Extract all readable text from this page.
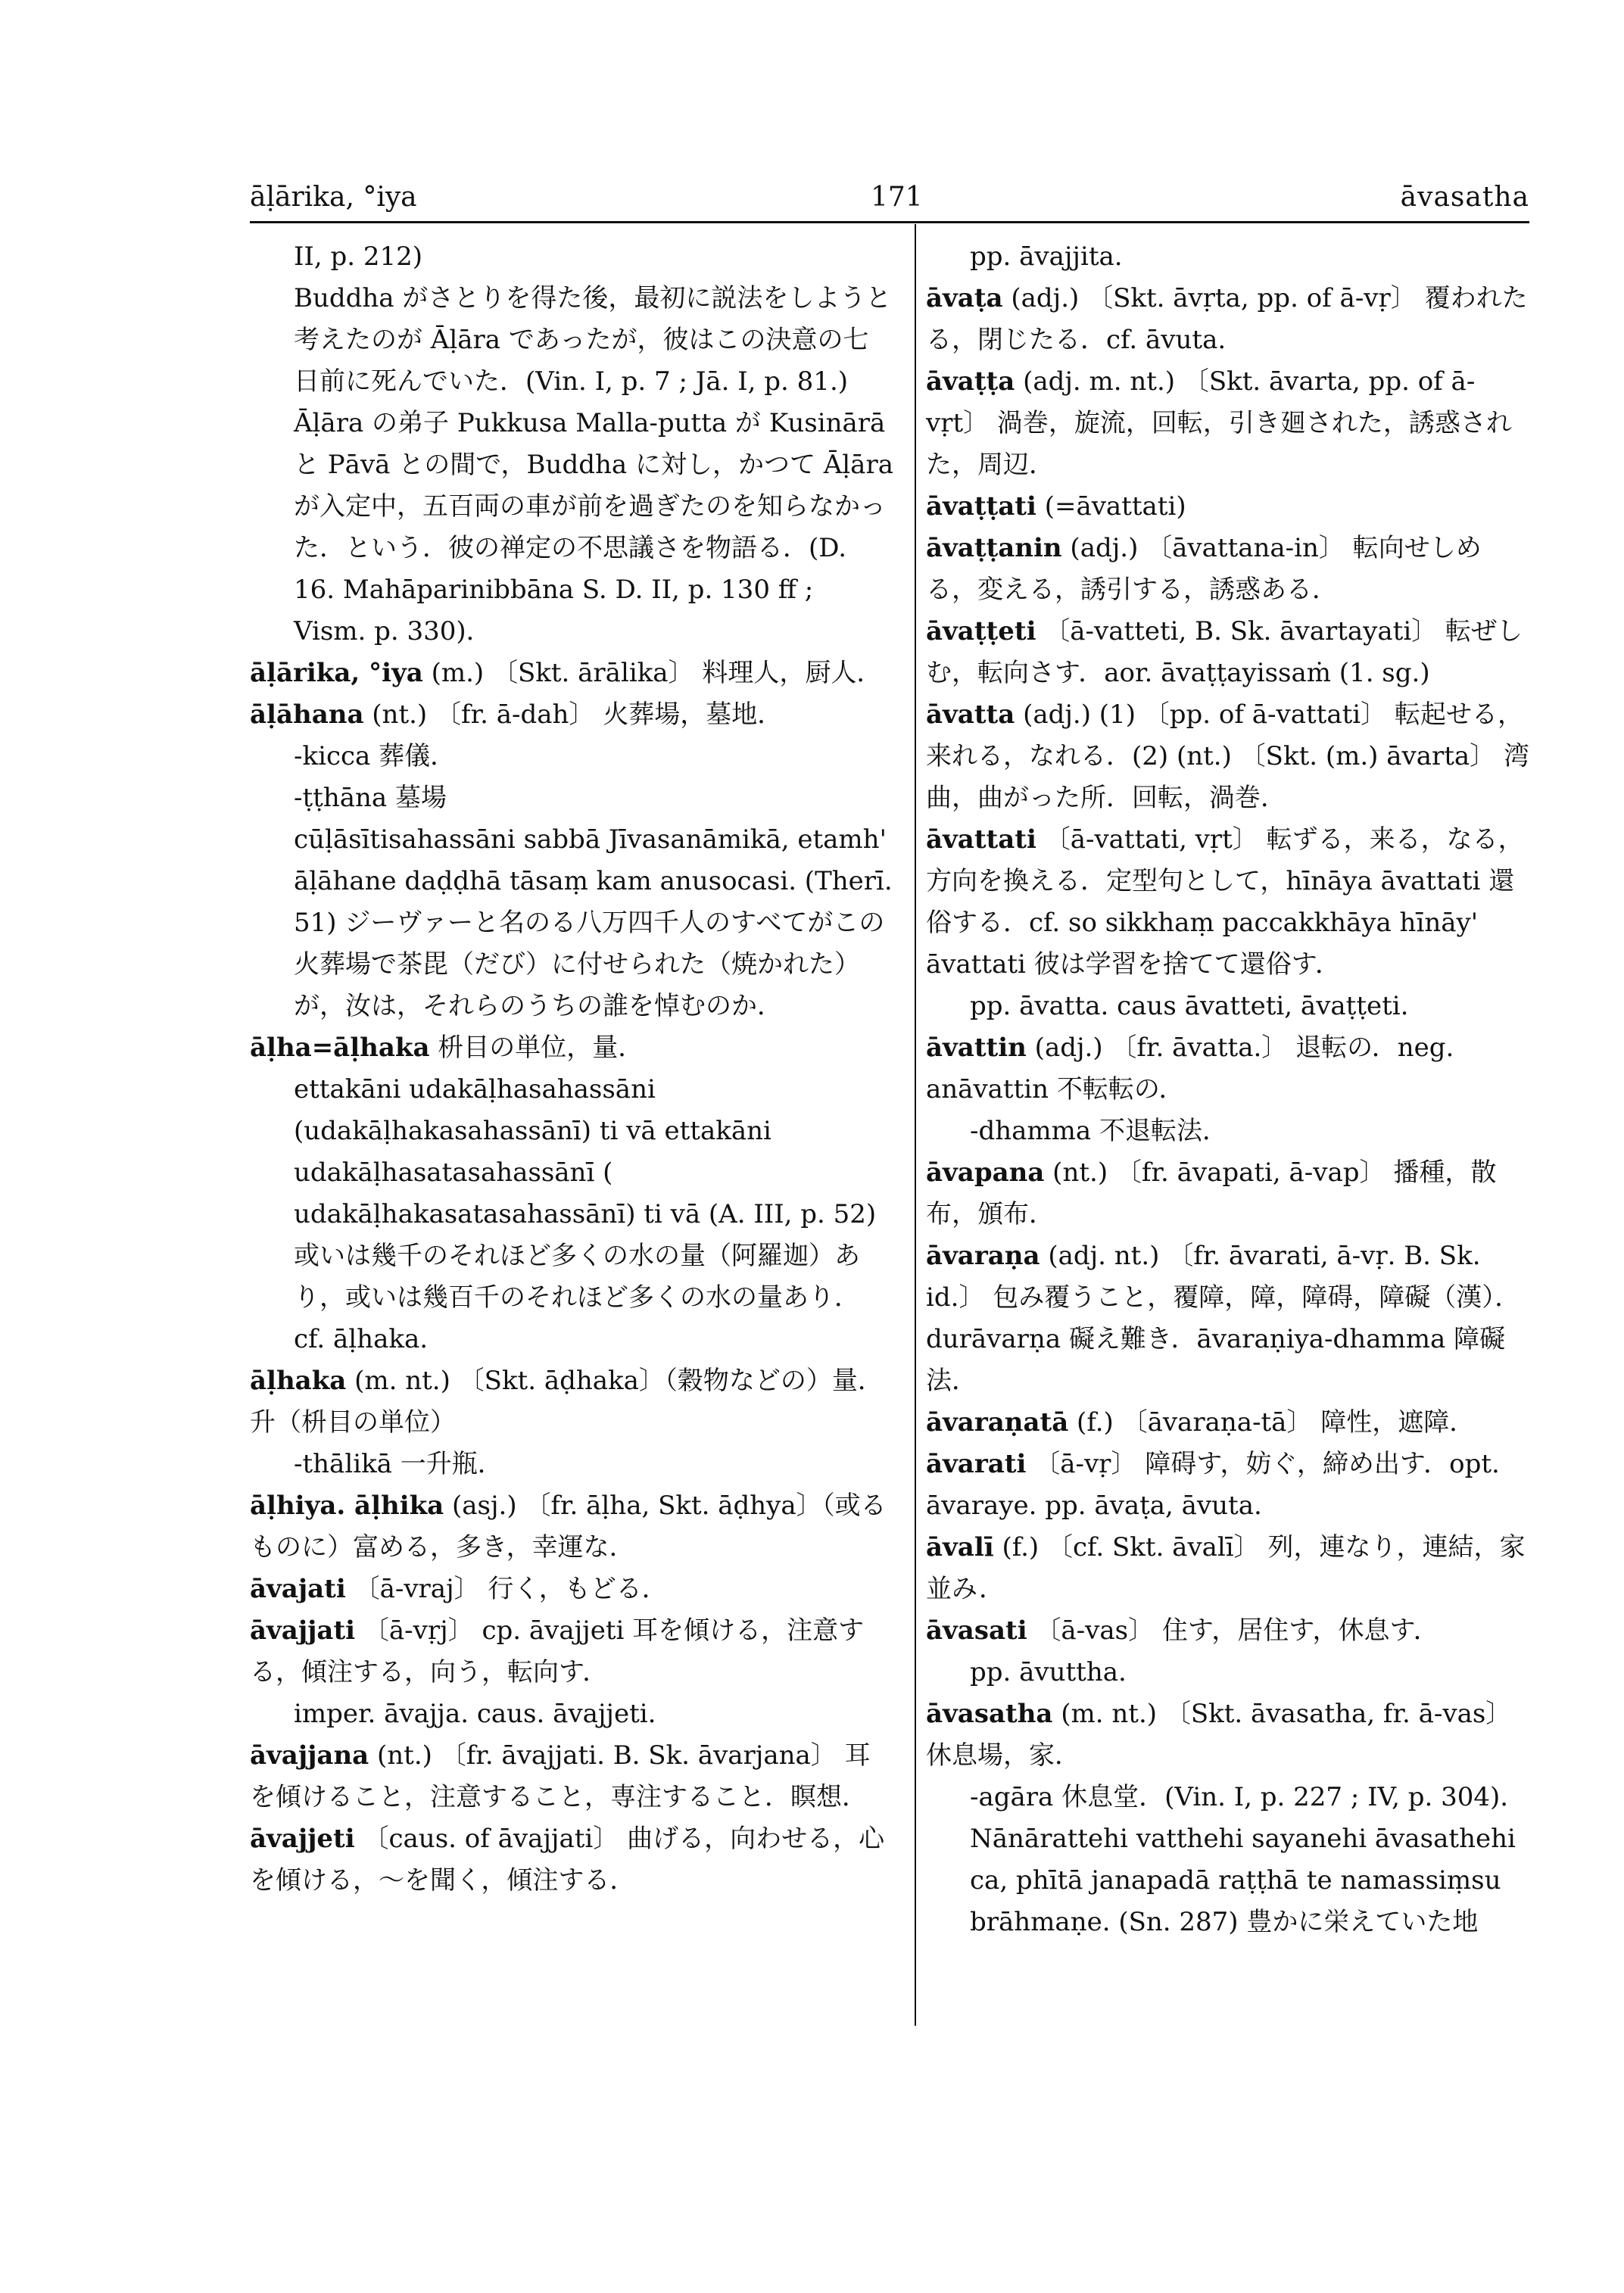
āḷārika, °iya	171	āvasatha
II, p. 212)
Buddha がさとりを得た後，最初に説法をしようと考えたのが Āḷāra であったが，彼はこの決意の七日前に死んでいた．(Vin. I, p. 7 ; Jā. I, p. 81.)
Āḷāra の弟子 Pukkusa Malla-putta が Kusinārā と Pāvā との間で，Buddha に対し，かつて Āḷāra が入定中，五百両の車が前を過ぎたのを知らなかった．という．彼の禅定の不思議さを物語る．(D. 16. Mahāparinibbāna S. D. II, p. 130 ff ; Vism. p. 330)．
āḷārika, °iya (m.) 〔Skt. ārālika〕 料理人，厨人．
āḷāhana (nt.) 〔fr. ā-dah〕 火葬場，墓地．
-kicca 葬儀．
-ṭṭhāna 墓場
cūḷāsītisahassāni sabbā Jīvasanāmikā, etamh' āḷāhane daḍḍhā tāsaṃ kam anusocasi. (Therī. 51) ジーヴァーと名のる八万四千人のすべてがこの火葬場で茶毘（だび）に付せられた（焼かれた）が，汝は，それらのうちの誰を悼むのか．
āḷha=āḷhaka 枡目の単位，量．
ettakāni udakāḷhasahassāni (udakāḷhakasahassānī) ti vā ettakāni udakāḷhasatasahassānī ( udakāḷhakasatasahassānī) ti vā (A. III, p. 52) 或いは幾千のそれほど多くの水の量（阿羅迦）あり，或いは幾百千のそれほど多くの水の量あり．
cf. āḷhaka.
āḷhaka (m. nt.) 〔Skt. āḍhaka〕（穀物などの）量．升（枡目の単位）
-thālikā 一升瓶．
āḷhiya. āḷhika (asj.) 〔fr. āḷha, Skt. āḍhya〕（或るものに）富める，多き，幸運な．
āvajati 〔ā-vraj〕 行く，もどる．
āvajjati 〔ā-vṛj〕 cp. āvajjeti 耳を傾ける，注意する，傾注する，向う，転向す．
imper. āvajja. caus. āvajjeti.
āvajjana (nt.) 〔fr. āvajjati. B. Sk. āvarjana〕 耳を傾けること，注意すること，専注すること．瞑想．
āvajjeti 〔caus. of āvajjati〕 曲げる，向わせる，心を傾ける，～を聞く，傾注する．
pp. āvajjita.
āvaṭa (adj.) 〔Skt. āvṛta, pp. of ā-vṛ〕 覆われたる，閉じたる．cf. āvuta.
āvaṭṭa (adj. m. nt.) 〔Skt. āvarta, pp. of ā-vṛt〕 渦巻，旋流，回転，引き廻された，誘惑された，周辺．
āvaṭṭati (=āvattati)
āvaṭṭanin (adj.) 〔āvattana-in〕 転向せしめる，変える，誘引する，誘惑ある．
āvaṭṭeti 〔ā-vatteti, B. Sk. āvartayati〕 転ぜしむ，転向さす．aor. āvaṭṭayissaṁ (1. sg.)
āvatta (adj.) (1) 〔pp. of ā-vattati〕 転起せる，来れる，なれる．(2) (nt.) 〔Skt. (m.) āvarta〕 湾曲，曲がった所．回転，渦巻．
āvattati 〔ā-vattati, vṛt〕 転ずる，来る，なる，方向を換える．定型句として，hīnāya āvattati 還俗する．cf. so sikkhaṃ paccakkhāya hīnāy' āvattati 彼は学習を捨てて還俗す．
pp. āvatta. caus āvatteti, āvaṭṭeti.
āvattin (adj.) 〔fr. āvatta.〕 退転の．neg. anāvattin 不転転の．
-dhamma 不退転法．
āvapana (nt.) 〔fr. āvapati, ā-vap〕 播種，散布，頒布．
āvaraṇa (adj. nt.) 〔fr. āvarati, ā-vṛ. B. Sk. id.〕 包み覆うこと，覆障，障，障碍，障礙（漢）．durāvarṇa 礙え難き．āvaraṇiya-dhamma 障礙法．
āvaraṇatā (f.) 〔āvaraṇa-tā〕 障性，遮障．
āvarati 〔ā-vṛ〕 障碍す，妨ぐ，締め出す．opt. āvaraye. pp. āvaṭa, āvuta.
āvalī (f.) 〔cf. Skt. āvalī〕 列，連なり，連結，家並み．
āvasati 〔ā-vas〕 住す，居住す，休息す．
pp. āvuttha.
āvasatha (m. nt.) 〔Skt. āvasatha, fr. ā-vas〕 休息場，家．
-agāra 休息堂．(Vin. I, p. 227 ; IV, p. 304)．
Nānārattehi vatthehi sayanehi āvasathehi ca, phītā janapadā raṭṭhā te namassiṃsu brāhmaṇe. (Sn. 287) 豊かに栄えていた地
